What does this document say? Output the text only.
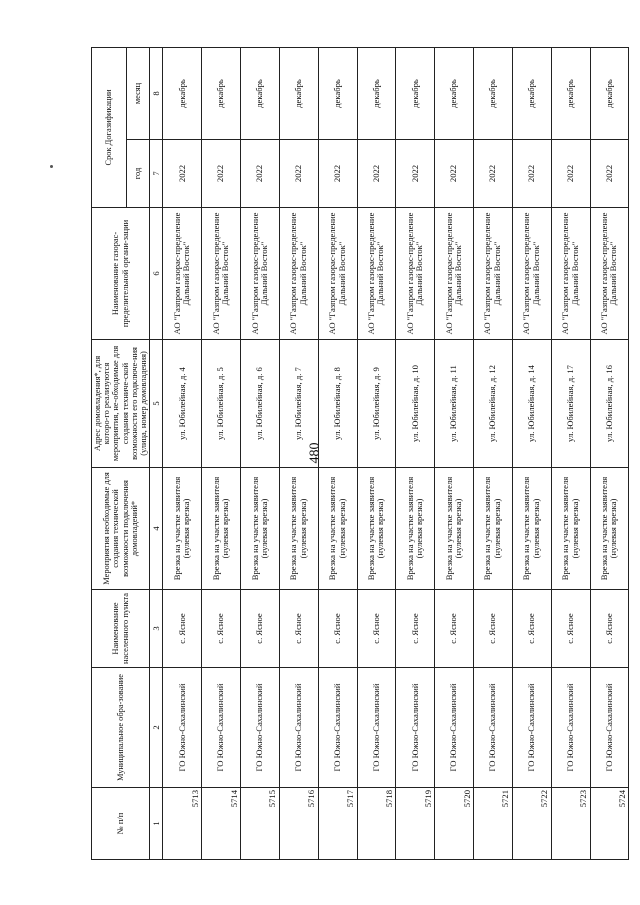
480
№ п/п	Муниципальное обра-зование	Наименование населенного пункта	Мероприятия необходимые для создания технической возможности подключения домовладений*	Адрес домовладения*, для которо-го реализуются мероприятия, не-обходимые для создания техниче-ской возможности его подключе-ния (улица, номер домовладения)	Наименование газорас-пределительной органи-зации	Срок Догазификации	
						год	месяц
1	2	3	4	5	6	7	8
5713	ГО Южно-Сахалинский	с. Ясное	Врезка на участке заявителя (нулевая врезка)	ул. Юбилейная, д. 4	АО "Газпром газорас-пределение Дальний Восток"	2022	декабрь
5714	ГО Южно-Сахалинский	с. Ясное	Врезка на участке заявителя (нулевая врезка)	ул. Юбилейная, д. 5	АО "Газпром газорас-пределение Дальний Восток"	2022	декабрь
5715	ГО Южно-Сахалинский	с. Ясное	Врезка на участке заявителя (нулевая врезка)	ул. Юбилейная, д. 6	АО "Газпром газорас-пределение Дальний Восток"	2022	декабрь
5716	ГО Южно-Сахалинский	с. Ясное	Врезка на участке заявителя (нулевая врезка)	ул. Юбилейная, д. 7	АО "Газпром газорас-пределение Дальний Восток"	2022	декабрь
5717	ГО Южно-Сахалинский	с. Ясное	Врезка на участке заявителя (нулевая врезка)	ул. Юбилейная, д. 8	АО "Газпром газорас-пределение Дальний Восток"	2022	декабрь
5718	ГО Южно-Сахалинский	с. Ясное	Врезка на участке заявителя (нулевая врезка)	ул. Юбилейная, д. 9	АО "Газпром газорас-пределение Дальний Восток"	2022	декабрь
5719	ГО Южно-Сахалинский	с. Ясное	Врезка на участке заявителя (нулевая врезка)	ул. Юбилейная, д. 10	АО "Газпром газорас-пределение Дальний Восток"	2022	декабрь
5720	ГО Южно-Сахалинский	с. Ясное	Врезка на участке заявителя (нулевая врезка)	ул. Юбилейная, д. 11	АО "Газпром газорас-пределение Дальний Восток"	2022	декабрь
5721	ГО Южно-Сахалинский	с. Ясное	Врезка на участке заявителя (нулевая врезка)	ул. Юбилейная, д. 12	АО "Газпром газорас-пределение Дальний Восток"	2022	декабрь
5722	ГО Южно-Сахалинский	с. Ясное	Врезка на участке заявителя (нулевая врезка)	ул. Юбилейная, д. 14	АО "Газпром газорас-пределение Дальний Восток"	2022	декабрь
5723	ГО Южно-Сахалинский	с. Ясное	Врезка на участке заявителя (нулевая врезка)	ул. Юбилейная, д. 17	АО "Газпром газорас-пределение Дальний Восток"	2022	декабрь
5724	ГО Южно-Сахалинский	с. Ясное	Врезка на участке заявителя (нулевая врезка)	ул. Юбилейная, д. 16	АО "Газпром газорас-пределение Дальний Восток"	2022	декабрь
